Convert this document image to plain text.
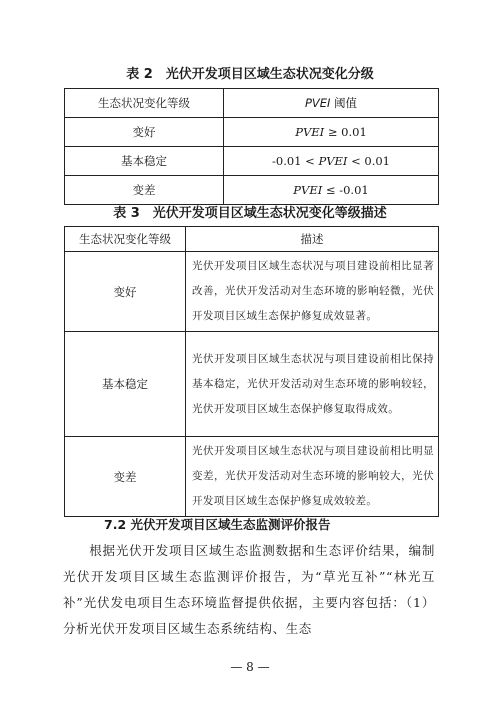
表 2　光伏开发项目区域生态状况变化分级
生态状况变化等级	PVEI 阈值
变好	PVEI ≥ 0.01
基本稳定	-0.01 < PVEI < 0.01
变差	PVEI ≤ -0.01
表 3　光伏开发项目区域生态状况变化等级描述
生态状况变化等级	描述
变好	光伏开发项目区域生态状况与项目建设前相比显著改善，光伏开发活动对生态环境的影响轻微，光伏开发项目区域生态保护修复成效显著。
基本稳定	光伏开发项目区域生态状况与项目建设前相比保持基本稳定，光伏开发活动对生态环境的影响较轻，光伏开发项目区域生态保护修复取得成效。
变差	光伏开发项目区域生态状况与项目建设前相比明显变差，光伏开发活动对生态环境的影响较大，光伏开发项目区域生态保护修复成效较差。
7.2 光伏开发项目区域生态监测评价报告
根据光伏开发项目区域生态监测数据和生态评价结果，编制光伏开发项目区域生态监测评价报告，为“草光互补”“林光互补”光伏发电项目生态环境监督提供依据，主要内容包括：（1）分析光伏开发项目区域生态系统结构、生态
— 8 —
